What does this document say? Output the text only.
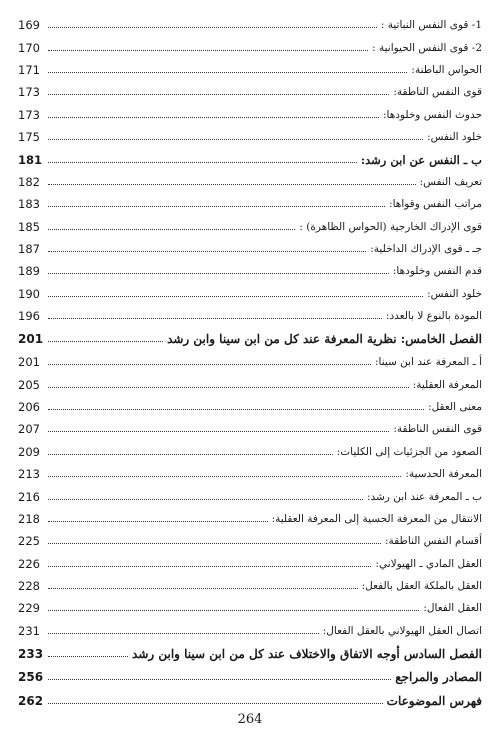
1- قوى النفس النباتية :
169
2- قوى النفس الحيوانية :
170
الحواس الباطنة:
171
قوى النفس الناطقة:
173
حدوث النفس وخلودها:
173
خلود النفس:
175
ب ـ النفس عن ابن رشد:
181
تعريف النفس:
182
مراتب النفس وقواها:
183
قوى الإدراك الخارجية (الحواس الظاهرة) :
185
جـ ـ قوى الإدراك الداخلية:
187
قدم النفس وخلودها:
189
خلود النفس:
190
المودة بالنوع لا بالعدد:
196
الفصل الخامس: نظرية المعرفة عند كل من ابن سينا وابن رشد
201
أ ـ المعرفة عند ابن سينا:
201
المعرفة العقلية:
205
معنى العقل:
206
قوى النفس الناطقة:
207
الصعود من الجزئيات إلى الكليات:
209
المعرفة الحدسية:
213
ب ـ المعرفة عند ابن رشد:
216
الانتقال من المعرفة الحسية إلى المعرفة العقلية:
218
أقسام النفس الناطقة:
225
العقل المادي ـ الهيولاني:
226
العقل بالملكة العقل بالفعل:
228
العقل الفعال:
229
اتصال العقل الهيولاني بالعقل الفعال:
231
الفصل السادس أوجه الاتفاق والاختلاف عند كل من ابن سينا وابن رشد
233
المصادر والمراجع
256
فهرس الموضوعات
262
264
